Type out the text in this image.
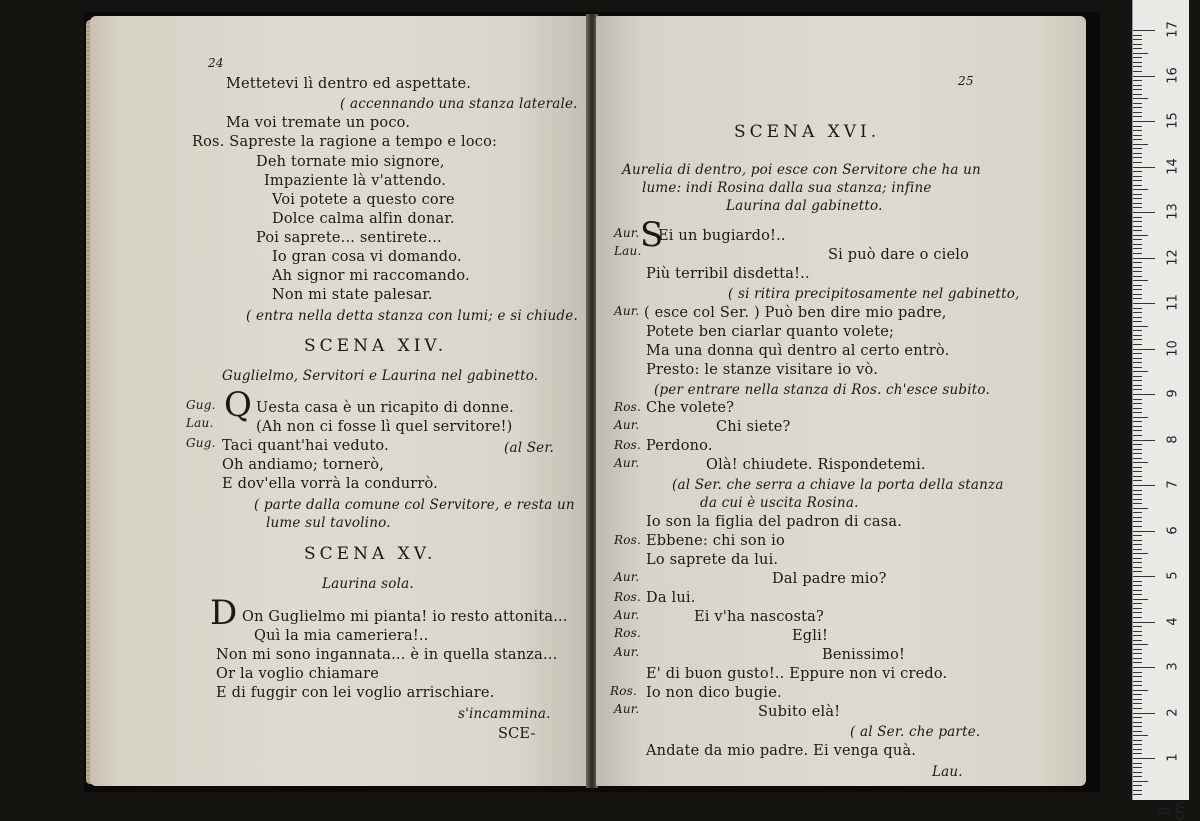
24
Mettetevi lì dentro ed aspettate.
( accennando una stanza laterale.
Ma voi tremate un poco.
Ros. Sapreste la ragione a tempo e loco:
Deh tornate mio signore,
Impaziente là v'attendo.
Voi potete a questo core
Dolce calma alfin donar.
Poi saprete... sentirete...
Io gran cosa vi domando.
Ah signor mi raccomando.
Non mi state palesar.
( entra nella detta stanza con lumi; e si chiude.
SCENA XIV.
Guglielmo, Servitori e Laurina nel gabinetto.
Uesta casa è un ricapito di donne.
(Ah non ci fosse lì quel servitore!)
Taci quant'hai veduto.	(al Ser.
Oh andiamo; tornerò,
E dov'ella vorrà la condurrò.
( parte dalla comune col Servitore, e resta un
lume sul tavolino.
SCENA XV.
Laurina sola.
On Guglielmo mi pianta! io resto attonita...
Quì la mia cameriera!..
Non mi sono ingannata... è in quella stanza...
Or la voglio chiamare
E di fuggir con lei voglio arrischiare.
s'incammina.
SCE-
Gug.
Lau.
Gug.
Q
D
25
SCENA XVI.
Aurelia di dentro, poi esce con Servitore che ha un
lume: indi Rosina dalla sua stanza; infine
Laurina dal gabinetto.
Ei un bugiardo!..
Si può dare o cielo
Più terribil disdetta!..
( si ritira precipitosamente nel gabinetto,
( esce col Ser. ) Può ben dire mio padre,
Potete ben ciarlar quanto volete;
Ma una donna quì dentro al certo entrò.
Presto: le stanze visitare io vò.
(per entrare nella stanza di Ros. ch'esce subito.
Che volete?
Chi siete?
Perdono.
Olà! chiudete. Rispondetemi.
(al Ser. che serra a chiave la porta della stanza
da cui è uscita Rosina.
Io son la figlia del padron di casa.
Ebbene: chi son io
Lo saprete da lui.
Dal padre mio?
Da lui.
Ei v'ha nascosta?
Egli!
Benissimo!
E' di buon gusto!.. Eppure non vi credo.
Io non dico bugie.
Subito elà!
( al Ser. che parte.
Andate da mio padre. Ei venga quà.
Lau.
Aur.
Lau.
Aur.
Ros.
Aur.
Ros.
Aur.
Ros.
Aur.
Ros.
Aur.
Ros.
Aur.
Ros.
Aur.
S
17
16
15
14
13
12
11
10
9
8
7
6
5
4
3
2
1
0 cm
